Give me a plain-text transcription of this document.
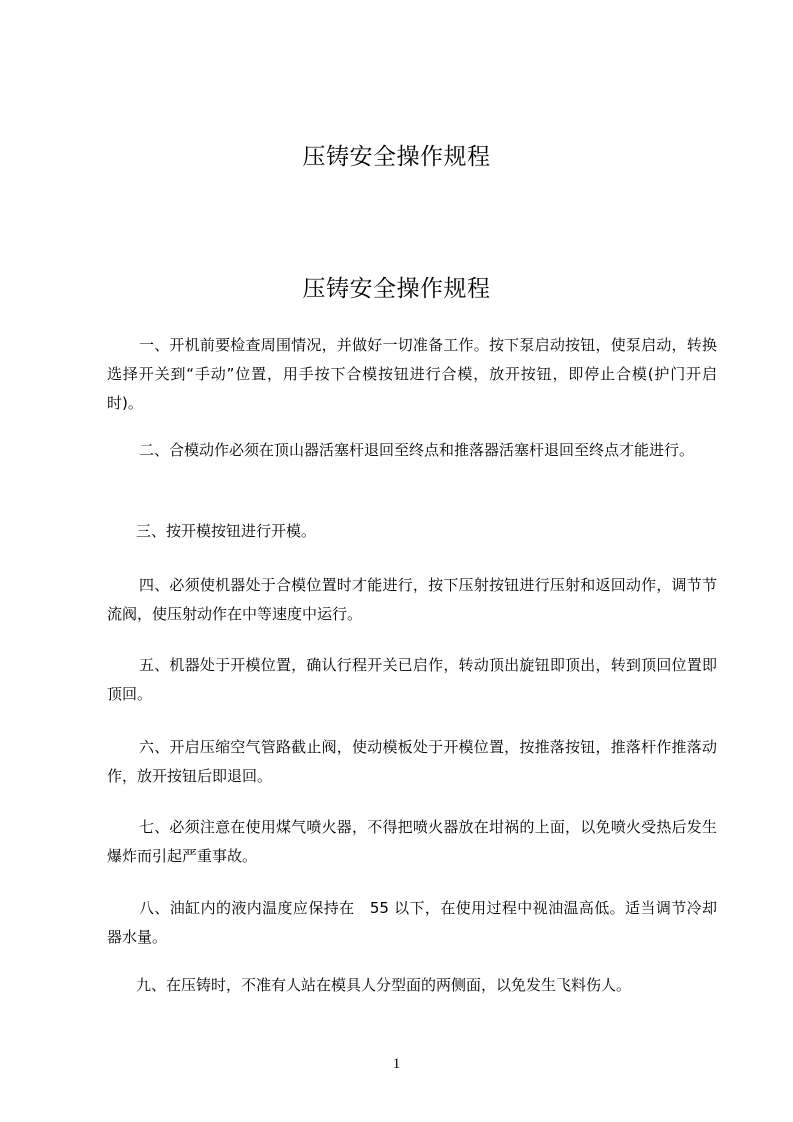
压铸安全操作规程
压铸安全操作规程

一、开机前要检查周围情况，并做好一切准备工作。按下泵启动按钮，使泵启动，转换选择开关到“手动”位置，用手按下合模按钮进行合模，放开按钮，即停止合模(护门开启时)。

二、合模动作必须在顶山器活塞杆退回至终点和推落器活塞杆退回至终点才能进行。

三、按开模按钮进行开模。

四、必须使机器处于合模位置时才能进行，按下压射按钮进行压射和返回动作，调节节流阀，使压射动作在中等速度中运行。

五、机器处于开模位置，确认行程开关已启作，转动顶出旋钮即顶出，转到顶回位置即顶回。

六、开启压缩空气管路截止阀，使动模板处于开模位置，按推落按钮，推落杆作推落动作，放开按钮后即退回。

七、必须注意在使用煤气喷火器，不得把喷火器放在坩祸的上面，以免喷火受热后发生爆炸而引起严重事故。

八、油缸内的液内温度应保持在　55 以下，在使用过程中视油温高低。适当调节冷却器水量。

九、在压铸时，不准有人站在模具人分型面的两侧面，以免发生飞料伤人。

1
